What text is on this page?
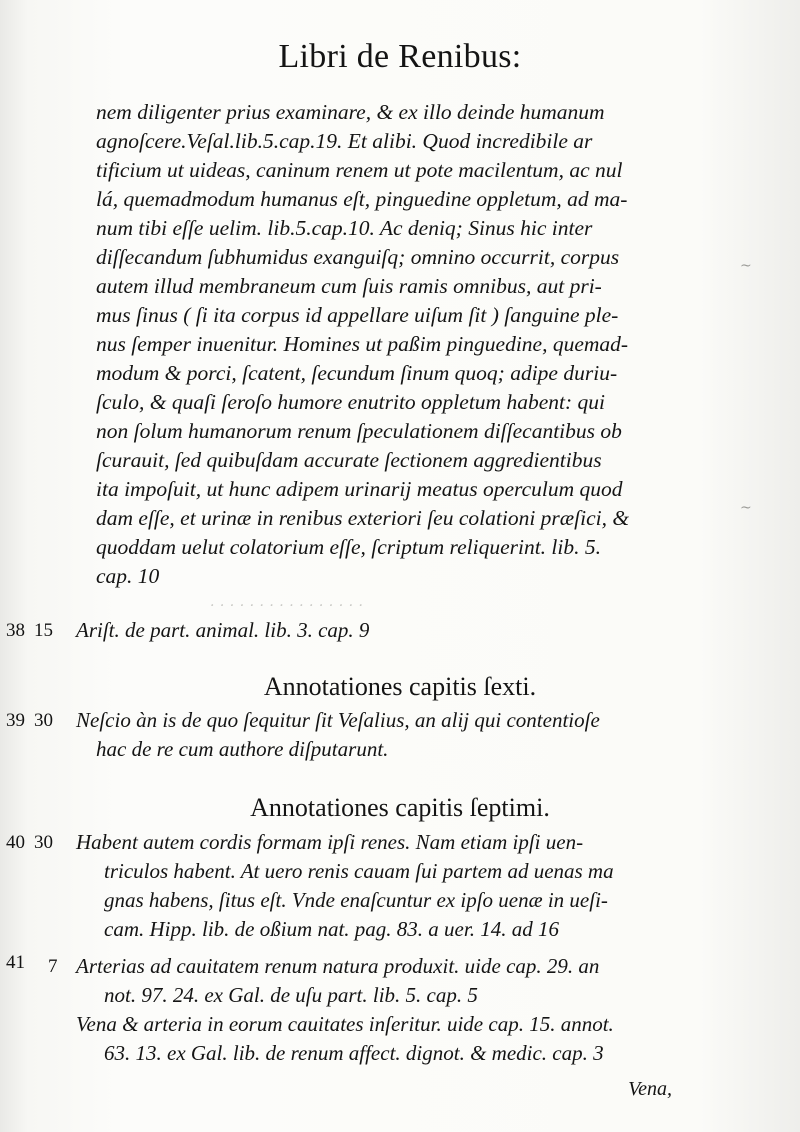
· · · · · · · · · · · · · · · ·
~
~
Libri de Renibus:
nem diligenter prius examinare, & ex illo deinde humanum
agnoſcere.Veſal.lib.5.cap.19. Et alibi. Quod incredibile ar
tificium ut uideas, caninum renem ut pote macilentum, ac nul
lá, quemadmodum humanus eſt, pinguedine oppletum, ad ma-
num tibi eſſe uelim. lib.5.cap.10. Ac deniq; Sinus hic inter
diſſecandum ſubhumidus exanguiſq; omnino occurrit, corpus
autem illud membraneum cum ſuis ramis omnibus, aut pri-
mus ſinus ( ſi ita corpus id appellare uiſum ſit ) ſanguine ple-
nus ſemper inuenitur. Homines ut paßim pinguedine, quemad-
modum & porci, ſcatent, ſecundum ſinum quoq; adipe duriu-
ſculo, & quaſi ſeroſo humore enutrito oppletum habent: qui
non ſolum humanorum renum ſpeculationem diſſecantibus ob
ſcurauit, ſed quibuſdam accurate ſectionem aggredientibus
ita impoſuit, ut hunc adipem urinarij meatus operculum quod
dam eſſe, et urinæ in renibus exteriori ſeu colationi præſici, &
quoddam uelut colatorium eſſe, ſcriptum reliquerint. lib. 5.
cap. 10
38 15 Ariſt. de part. animal. lib. 3. cap. 9
Annotationes capitis ſexti.
39 30 Neſcio àn is de quo ſequitur ſit Veſalius, an alij qui contentioſe
hac de re cum authore diſputarunt.
Annotationes capitis ſeptimi.
40 30 Habent autem cordis formam ipſi renes. Nam etiam ipſi uen-
triculos habent. At uero renis cauam ſui partem ad uenas ma
gnas habens, ſitus eſt. Vnde enaſcuntur ex ipſo uenæ in ueſi-
cam. Hipp. lib. de oßium nat. pag. 83. a uer. 14. ad 16
41 7 Arterias ad cauitatem renum natura produxit. uide cap. 29. an
not. 97. 24. ex Gal. de uſu part. lib. 5. cap. 5
Vena & arteria in eorum cauitates inſeritur. uide cap. 15. annot.
63. 13. ex Gal. lib. de renum affect. dignot. & medic. cap. 3
Vena,
